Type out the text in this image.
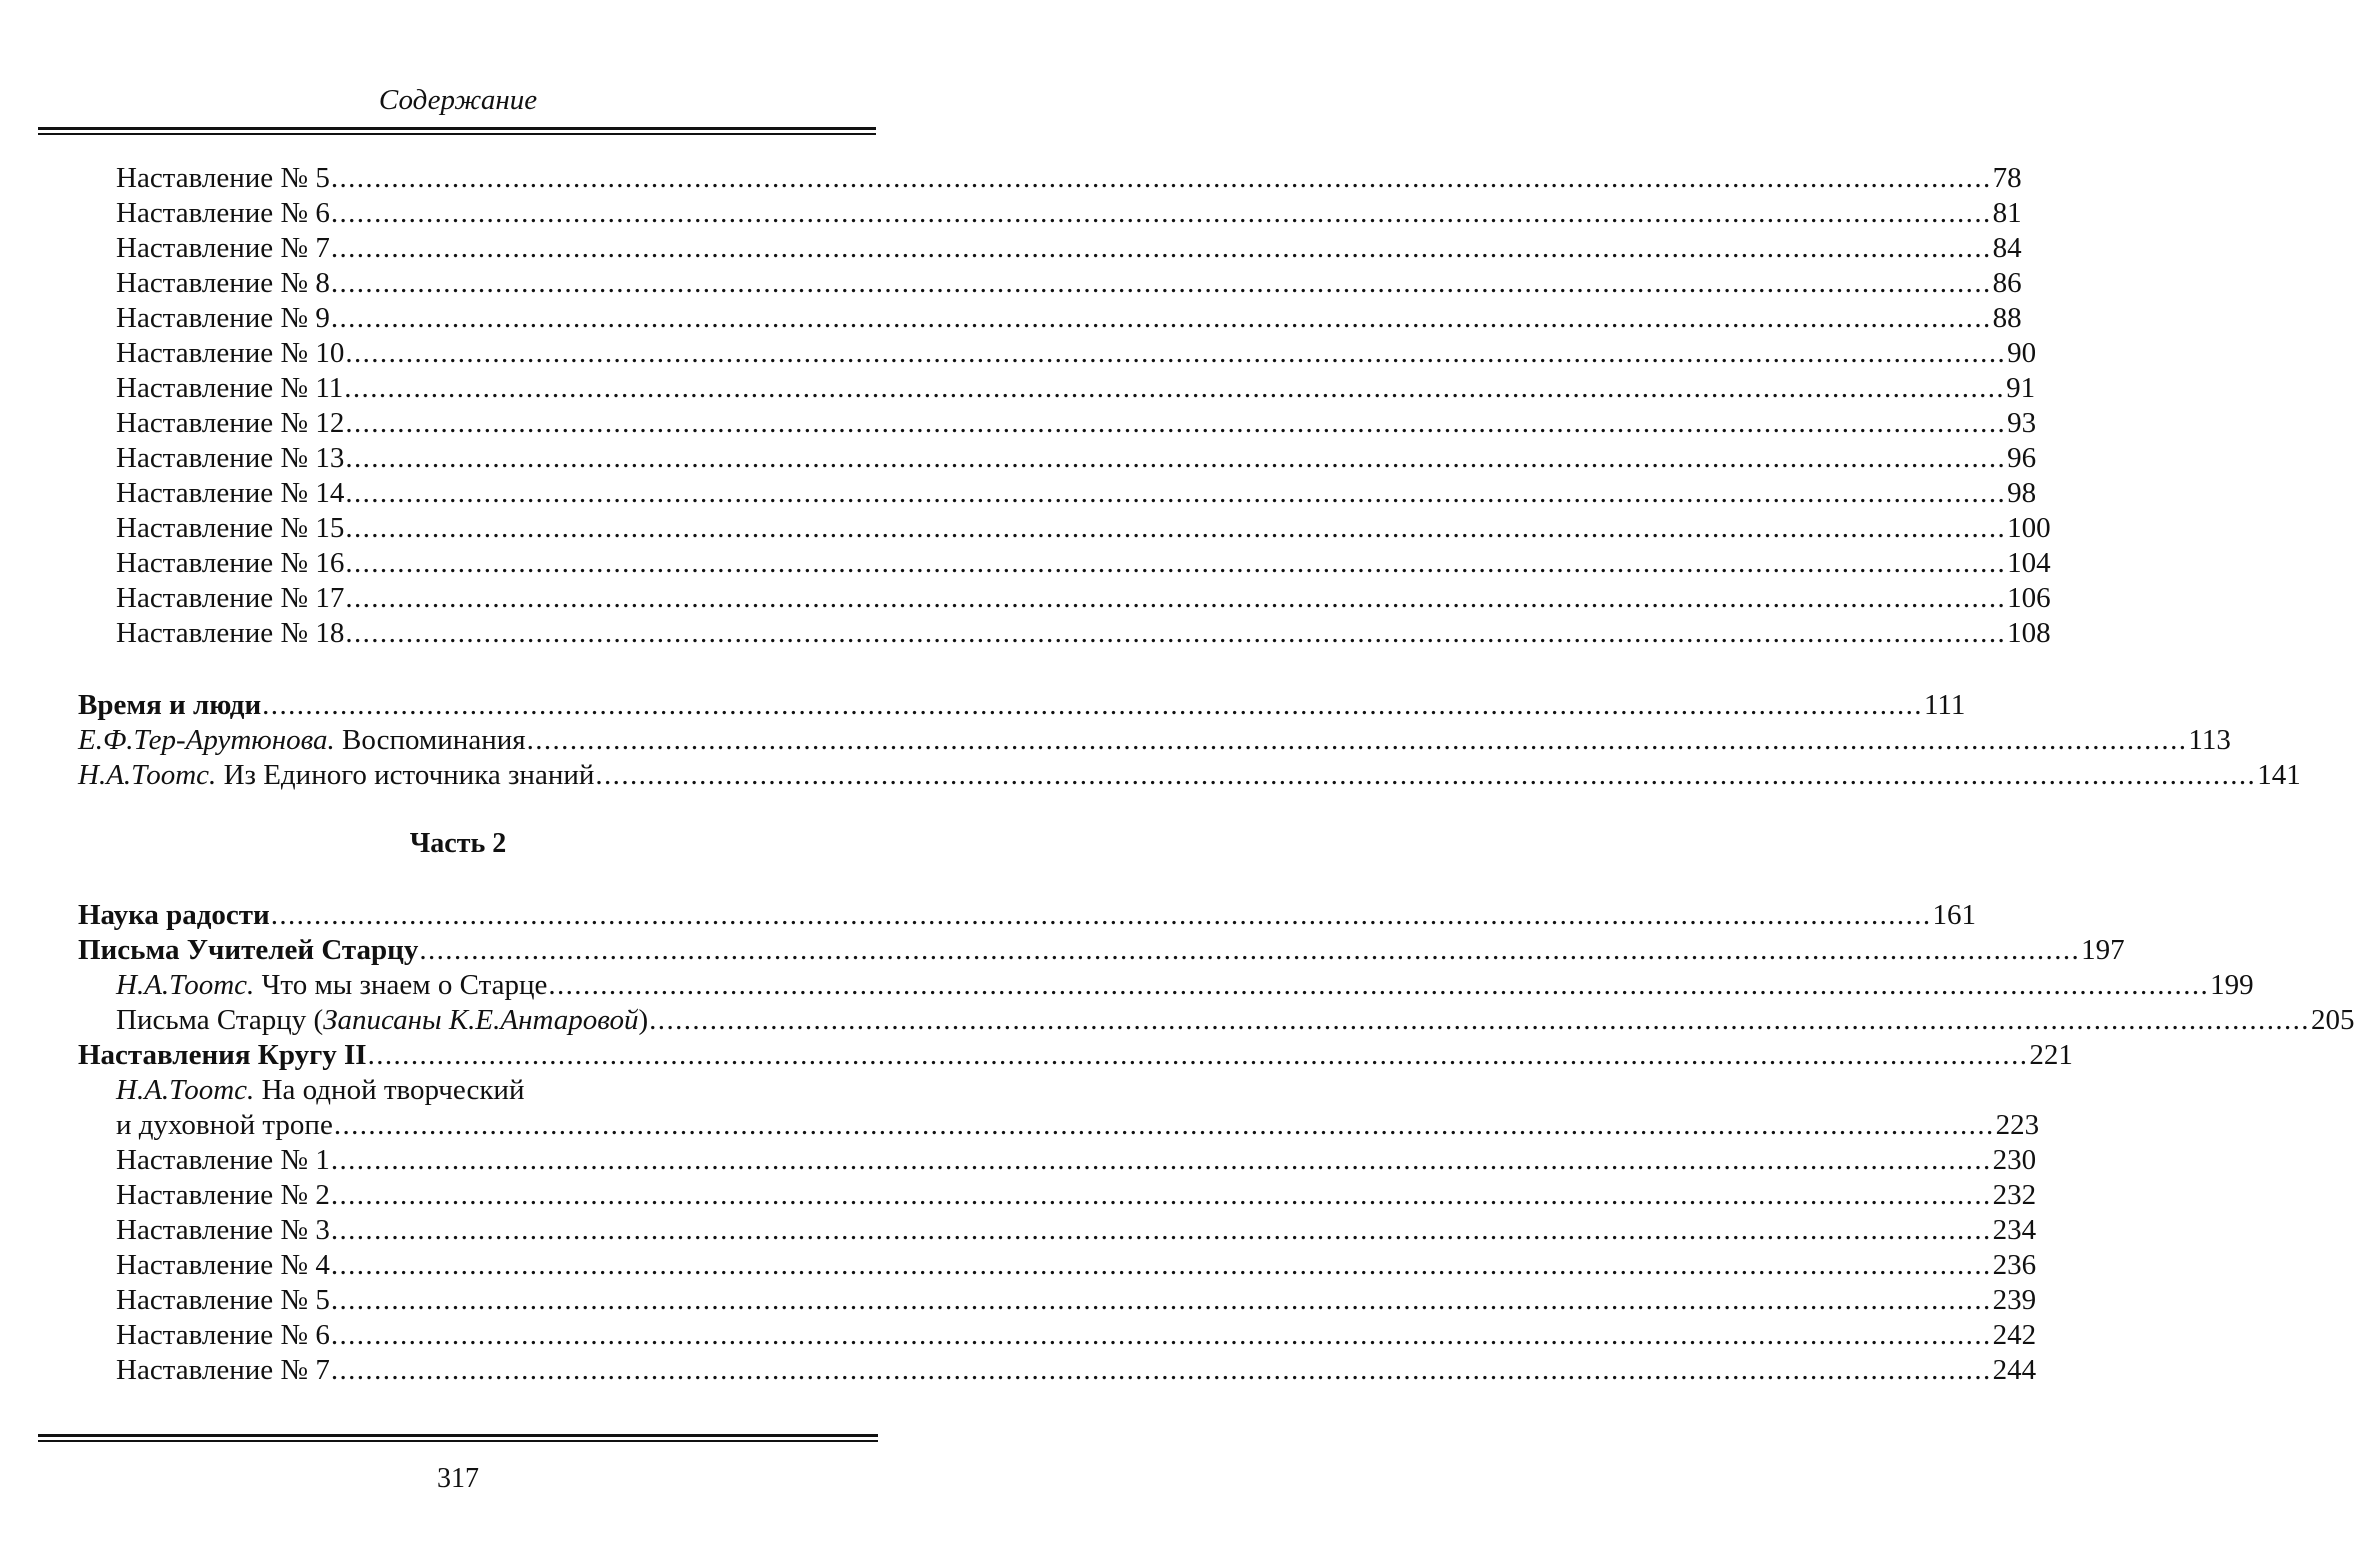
Содержание
Наставление № 5 ................................................................................................................................................................................................ 78
Наставление № 6 ................................................................................................................................................................................................ 81
Наставление № 7 ................................................................................................................................................................................................ 84
Наставление № 8 ................................................................................................................................................................................................ 86
Наставление № 9 ................................................................................................................................................................................................ 88
Наставление № 10 ................................................................................................................................................................................................ 90
Наставление № 11 ................................................................................................................................................................................................ 91
Наставление № 12 ................................................................................................................................................................................................ 93
Наставление № 13 ................................................................................................................................................................................................ 96
Наставление № 14 ................................................................................................................................................................................................ 98
Наставление № 15 ................................................................................................................................................................................................ 100
Наставление № 16 ................................................................................................................................................................................................ 104
Наставление № 17 ................................................................................................................................................................................................ 106
Наставление № 18 ................................................................................................................................................................................................ 108
Время и люди ................................................................................................................................................................................................ 111
Е.Ф.Тер-Арутюнова. Воспоминания ................................................................................................................................................................................................ 113
Н.А.Тоотс. Из Единого источника знаний ................................................................................................................................................................................................ 141
Часть 2
Наука радости ................................................................................................................................................................................................ 161
Письма Учителей Старцу ................................................................................................................................................................................................ 197
Н.А.Тоотс. Что мы знаем о Старце ................................................................................................................................................................................................ 199
Письма Старцу (Записаны К.Е.Антаровой) ................................................................................................................................................................................................ 205
Наставления Кругу II ................................................................................................................................................................................................ 221
Н.А.Тоотс. На одной творческий
и духовной тропе ................................................................................................................................................................................................ 223
Наставление № 1 ................................................................................................................................................................................................ 230
Наставление № 2 ................................................................................................................................................................................................ 232
Наставление № 3 ................................................................................................................................................................................................ 234
Наставление № 4 ................................................................................................................................................................................................ 236
Наставление № 5 ................................................................................................................................................................................................ 239
Наставление № 6 ................................................................................................................................................................................................ 242
Наставление № 7 ................................................................................................................................................................................................ 244
317
